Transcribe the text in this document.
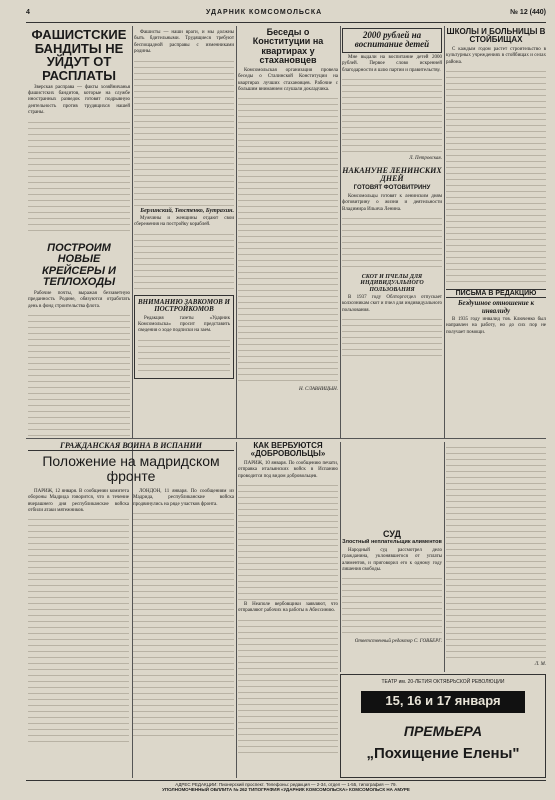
4	УДАРНИК КОМСОМОЛЬСКА	№ 12 (440)
ФАШИСТСКИЕ БАНДИТЫ НЕ УЙДУТ ОТ РАСПЛАТЫ
Зверская расправа — факты хозяйничанья фашистских бандитов, которые на службе иностранных разведок готовят подрывную деятельность против трудящихся нашей страны.
ПОСТРОИМ НОВЫЕ КРЕЙСЕРЫ И ТЕПЛОХОДЫ
Рабочие почты, выражая беззаветную преданность Родине, обязуются отработать день в фонд строительства флота.
Фашисты — наши враги, и мы должны быть бдительными. Трудящиеся требуют беспощадной расправы с изменниками родины.
Берлинский, Твостенко, Бутрахин.
Мужчины и женщины отдают свои сбережения на постройку кораблей.
ВНИМАНИЮ ЗАВКОМОВ И ПОСТРОЙКОМОВ
Редакция газеты «Ударник Комсомольска» просит представить сведения о ходе подписки на заем.
Беседы о Конституции на квартирах у стахановцев
Комсомольская организация провела беседы о Сталинской Конституции на квартирах лучших стахановцев. Рабочие с большим вниманием слушали докладчика.
Н. СЛАВНИЦЫН.
2000 рублей на воспитание детей
Мне выдали на воспитание детей 2000 рублей. Первое слово искренней благодарности я шлю партии и правительству.
Л. Петровская.
НАКАНУНЕ ЛЕНИНСКИХ ДНЕЙ
ГОТОВЯТ ФОТОВИТРИНУ
Комсомольцы готовят к ленинским дням фотовитрину о жизни и деятельности Владимира Ильича Ленина.
СКОТ И ПЧЕЛЫ ДЛЯ ИНДИВИДУАЛЬНОГО ПОЛЬЗОВАНИЯ
В 1937 году Облторготдел отпускает колхозникам скот и пчел для индивидуального пользования.
ШКОЛЫ И БОЛЬНИЦЫ В СТОЙБИЩАХ
С каждым годом растет строительство в культурных учреждениях в стойбищах и селах района.
ПИСЬМА В РЕДАКЦИЮ
Бездушное отношение к инвалиду
В 1935 году инвалид тов. Ключенко был направлен на работу, но до сих пор не получает помощи.
ГРАЖДАНСКАЯ ВОЙНА В ИСПАНИИ
Положение на мадридском фронте
ПАРИЖ, 12 января. В сообщении комитета обороны Мадрида говорится, что в течение вчерашнего дня республиканские войска отбили атаки мятежников.
ЛОНДОН, 11 января. По сообщениям из Мадрида, республиканские войска продвинулись на ряде участков фронта.
КАК ВЕРБУЮТСЯ «ДОБРОВОЛЬЦЫ»
ПАРИЖ, 10 января. По сообщению печати, отправка итальянских войск в Испанию проводится под видом добровольцев.
В Неаполе вербовщики заявляют, что отправляют рабочих на работы в Абиссинию.
СУД
Злостный неплательщик алиментов
Народный суд рассмотрел дело гражданина, уклонявшегося от уплаты алиментов, и приговорил его к одному году лишения свободы.
Ответственный редактор С. ГОВБЕРГ.
Л. М.
ТЕАТР им. 20-ЛЕТИЯ ОКТЯБРЬСКОЙ РЕВОЛЮЦИИ
15, 16 и 17 января
ПРЕМЬЕРА
„Похищение Елены"
АДРЕС РЕДАКЦИИ: Пионерский проспект. Телефоны: редакция — 2-34, отдел — 1-55, типография — 79.
УПОЛНОМОЧЕННЫЙ ОБЛЛИТА № 262 ТИПОГРАФИЯ «УДАРНИК КОМСОМОЛЬСКА» КОМСОМОЛЬСК НА АМУРЕ
